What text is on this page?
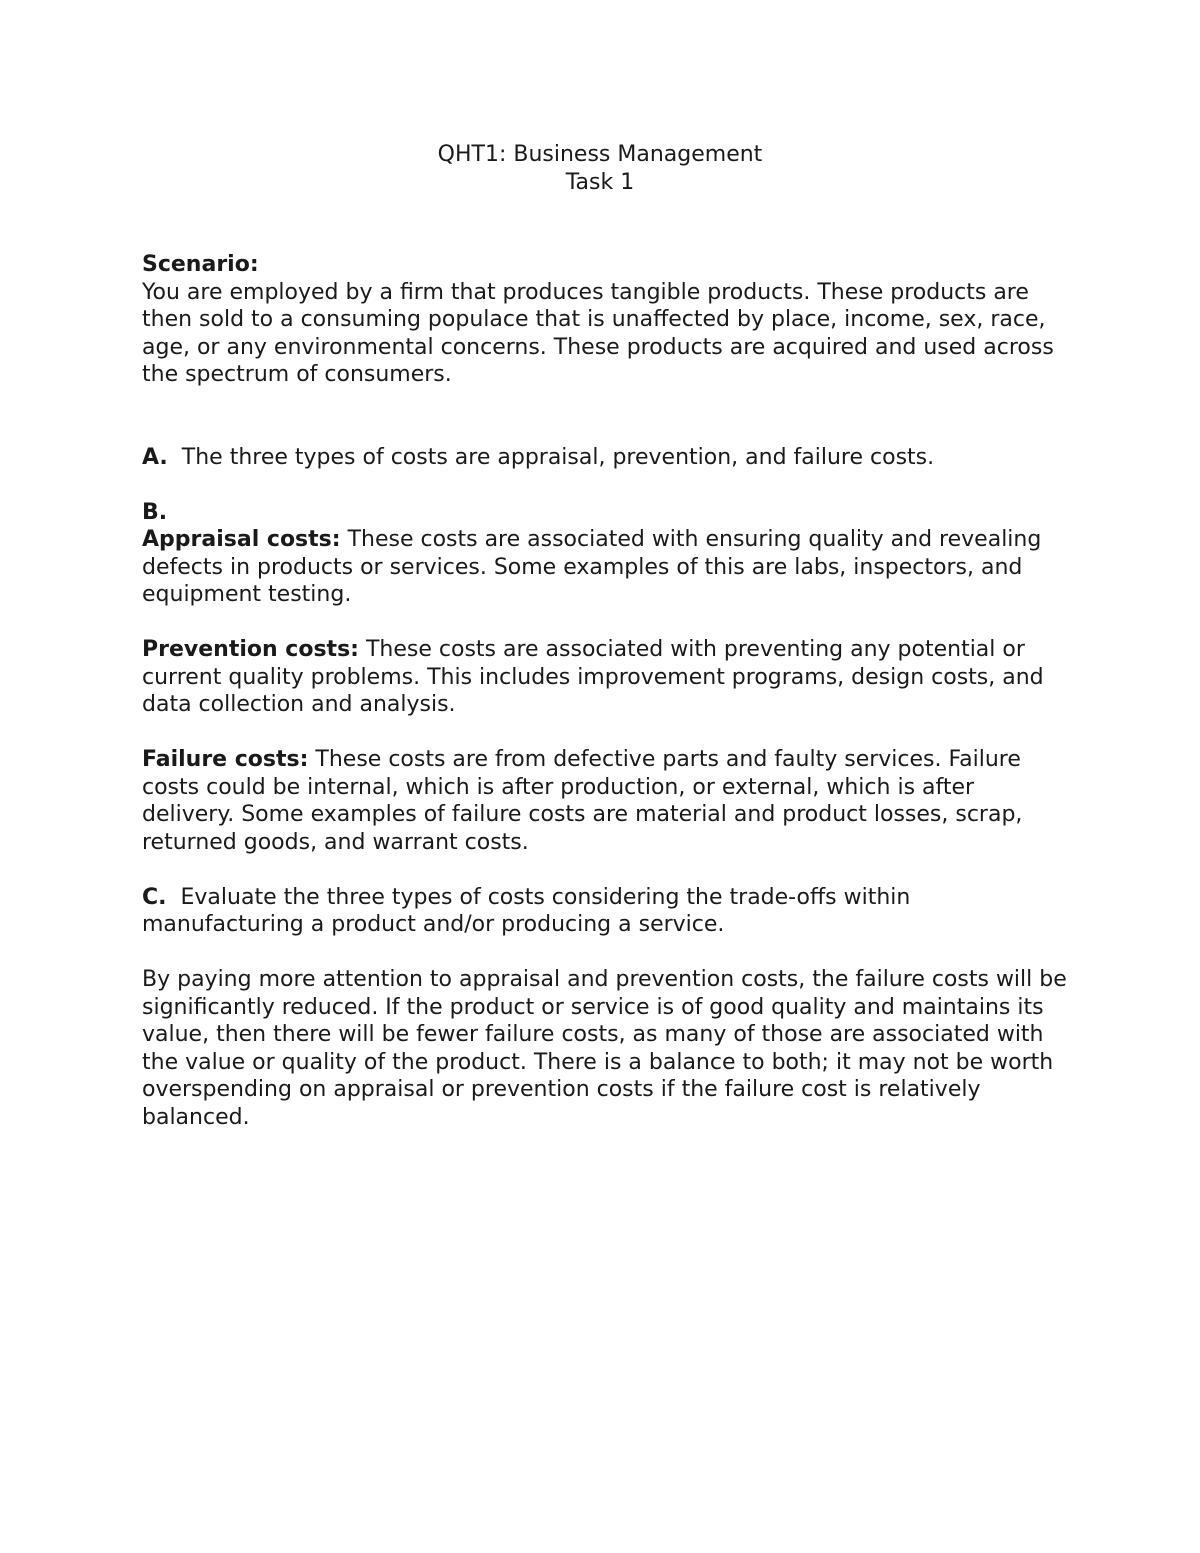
QHT1: Business Management

Task 1

Scenario:

You are employed by a firm that produces tangible products. These products are then sold to a consuming populace that is unaffected by place, income, sex, race, age, or any environmental concerns. These products are acquired and used across the spectrum of consumers.

A. The three types of costs are appraisal, prevention, and failure costs.

B.

Appraisal costs: These costs are associated with ensuring quality and revealing defects in products or services. Some examples of this are labs, inspectors, and equipment testing.

Prevention costs: These costs are associated with preventing any potential or current quality problems. This includes improvement programs, design costs, and data collection and analysis.

Failure costs: These costs are from defective parts and faulty services. Failure costs could be internal, which is after production, or external, which is after delivery. Some examples of failure costs are material and product losses, scrap, returned goods, and warrant costs.

C. Evaluate the three types of costs considering the trade-offs within manufacturing a product and/or producing a service.

By paying more attention to appraisal and prevention costs, the failure costs will be significantly reduced. If the product or service is of good quality and maintains its value, then there will be fewer failure costs, as many of those are associated with the value or quality of the product. There is a balance to both; it may not be worth overspending on appraisal or prevention costs if the failure cost is relatively balanced.
